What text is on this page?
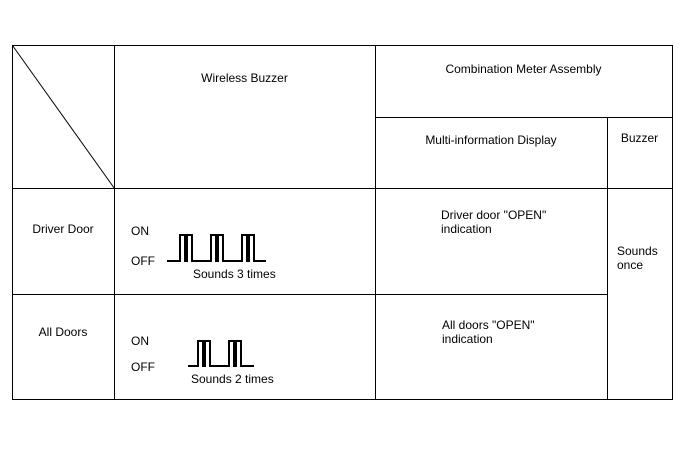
Wireless Buzzer
Combination Meter Assembly
Multi-information Display	Buzzer
Driver Door	ON
OFF
Sounds 3 times
Driver door "OPEN"
indication
All Doors
ON
OFF
Sounds 2 times
All doors "OPEN"
indication
Sounds
once
